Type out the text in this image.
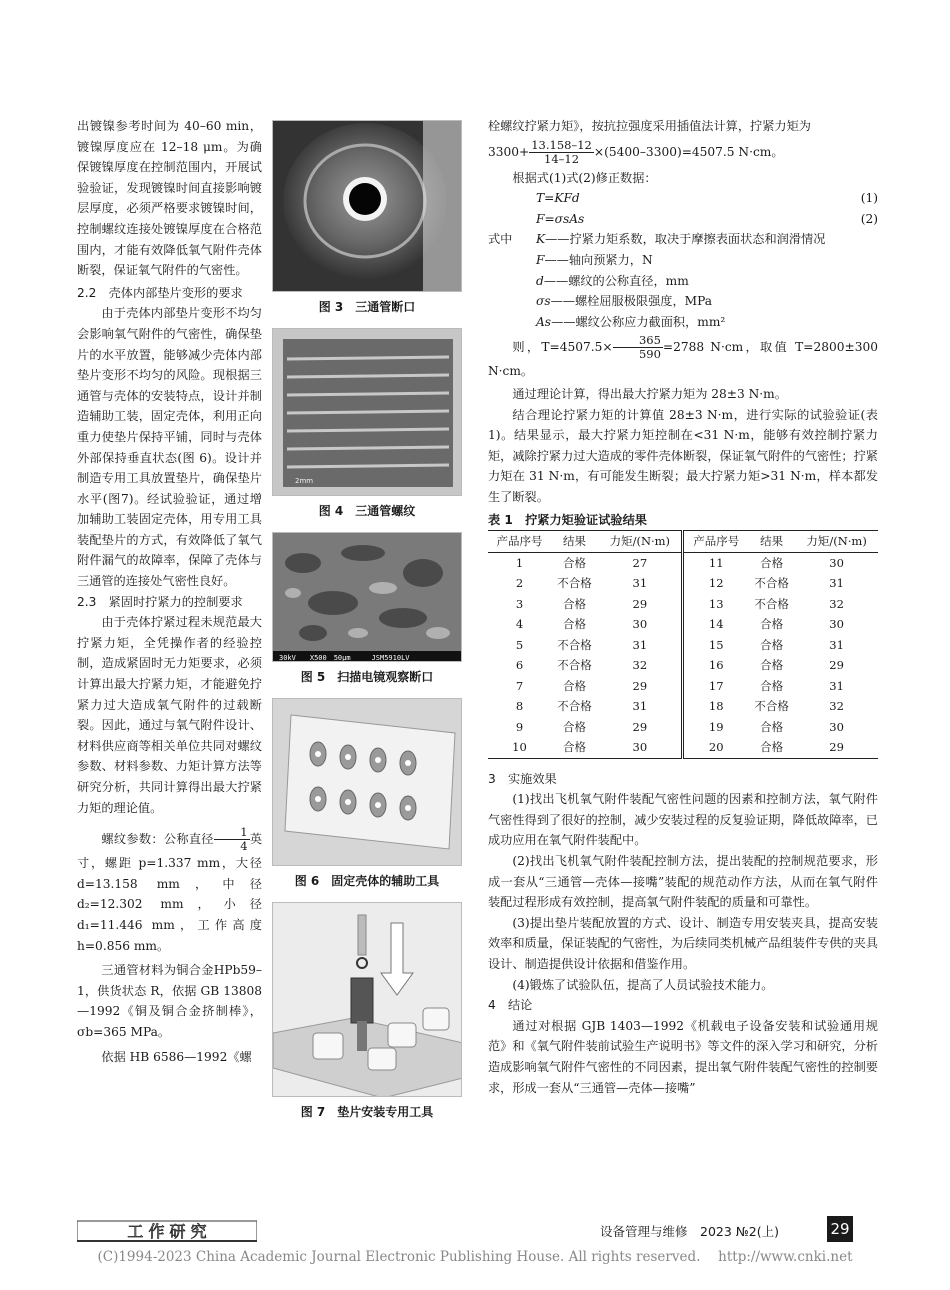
出镀镍参考时间为 40–60 min，镀镍厚度应在 12–18 μm。为确保镀镍厚度在控制范围内，开展试验验证，发现镀镍时间直接影响镀层厚度，必须严格要求镀镍时间，控制螺纹连接处镀镍厚度在合格范围内，才能有效降低氧气附件壳体断裂，保证氧气附件的气密性。

2.2　壳体内部垫片变形的要求

由于壳体内部垫片变形不均匀会影响氧气附件的气密性，确保垫片的水平放置，能够减少壳体内部垫片变形不均匀的风险。现根据三通管与壳体的安装特点，设计并制造辅助工装，固定壳体，利用正向重力使垫片保持平铺，同时与壳体外部保持垂直状态(图 6)。设计并制造专用工具放置垫片，确保垫片水平(图7)。经试验验证，通过增加辅助工装固定壳体，用专用工具装配垫片的方式，有效降低了氧气附件漏气的故障率，保障了壳体与三通管的连接处气密性良好。

2.3　紧固时拧紧力的控制要求

由于壳体拧紧过程未规范最大拧紧力矩，全凭操作者的经验控制，造成紧固时无力矩要求，必须计算出最大拧紧力矩，才能避免拧紧力过大造成氧气附件的过载断裂。因此，通过与氧气附件设计、材料供应商等相关单位共同对螺纹参数、材料参数、力矩计算方法等研究分析，共同计算得出最大拧紧力矩的理论值。

螺纹参数：公称直径 $\frac{1}{4}$ 英寸，螺距 p=1.337 mm，大径 d=13.158 mm，中径 d₂=12.302 mm，小径 d₁=11.446 mm，工作高度 h=0.856 mm。

三通管材料为铜合金HPb59–1，供货状态 R，依据 GB 13808—1992《铜及铜合金挤制棒》，σb=365 MPa。

依据 HB 6586—1992《螺

图 3　三通管断口
2mm
图 4　三通管螺纹
30kV　　X500　50μm　　　JSM5910LV
图 5　扫描电镜观察断口
图 6　固定壳体的辅助工具
图 7　垫片安装专用工具

栓螺纹拧紧力矩》，按抗拉强度采用插值法计算，拧紧力矩为

$3300+ \frac{13.158-12}{14-12} \times(5400-3300)=4507.5$ N·cm。

根据式(1)式(2)修正数据：

T=KFd	(1)
F=σsAs	(2)
式中	K ——拧紧力矩系数，取决于摩擦表面状态和润滑情况
F ——轴向预紧力，N
d ——螺纹的公称直径，mm
σs ——螺栓屈服极限强度，MPa
As ——螺纹公称应力截面积，mm²

则，$T=4507.5\times \frac{365}{590} =2788$ N·cm，取值 T=2800±300 N·cm。

通过理论计算，得出最大拧紧力矩为 28±3 N·m。

结合理论拧紧力矩的计算值 28±3 N·m，进行实际的试验验证(表 1)。结果显示，最大拧紧力矩控制在<31 N·m，能够有效控制拧紧力矩，减除拧紧力过大造成的零件壳体断裂，保证氧气附件的气密性；拧紧力矩在 31 N·m，有可能发生断裂；最大拧紧力矩>31 N·m，样本都发生了断裂。

表 1　拧紧力矩验证试验结果

产品序号	结果	力矩/(N·m)	产品序号	结果	力矩/(N·m)
1	合格	27	11	合格	30
2	不合格	31	12	不合格	31
3	合格	29	13	不合格	32
4	合格	30	14	合格	30
5	不合格	31	15	合格	31
6	不合格	32	16	合格	29
7	合格	29	17	合格	31
8	不合格	31	18	不合格	32
9	合格	29	19	合格	30
10	合格	30	20	合格	29

3　实施效果

(1)找出飞机氧气附件装配气密性问题的因素和控制方法，氧气附件气密性得到了很好的控制，减少安装过程的反复验证期，降低故障率，已成功应用在氧气附件装配中。

(2)找出飞机氧气附件装配控制方法，提出装配的控制规范要求，形成一套从“三通管—壳体—接嘴”装配的规范动作方法，从而在氧气附件装配过程形成有效控制，提高氧气附件装配的质量和可靠性。

(3)提出垫片装配放置的方式、设计、制造专用安装夹具，提高安装效率和质量，保证装配的气密性，为后续同类机械产品组装件专供的夹具设计、制造提供设计依据和借鉴作用。

(4)锻炼了试验队伍，提高了人员试验技术能力。

4　结论

通过对根据 GJB 1403—1992《机载电子设备安装和试验通用规范》和《氧气附件装前试验生产说明书》等文件的深入学习和研究，分析造成影响氧气附件气密性的不同因素，提出氧气附件装配气密性的控制要求，形成一套从“三通管—壳体—接嘴”

工 作 研 究	设备管理与维修　2023 №2(上)	29
(C)1994-2023 China Academic Journal Electronic Publishing House. All rights reserved.　 http://www.cnki.net
